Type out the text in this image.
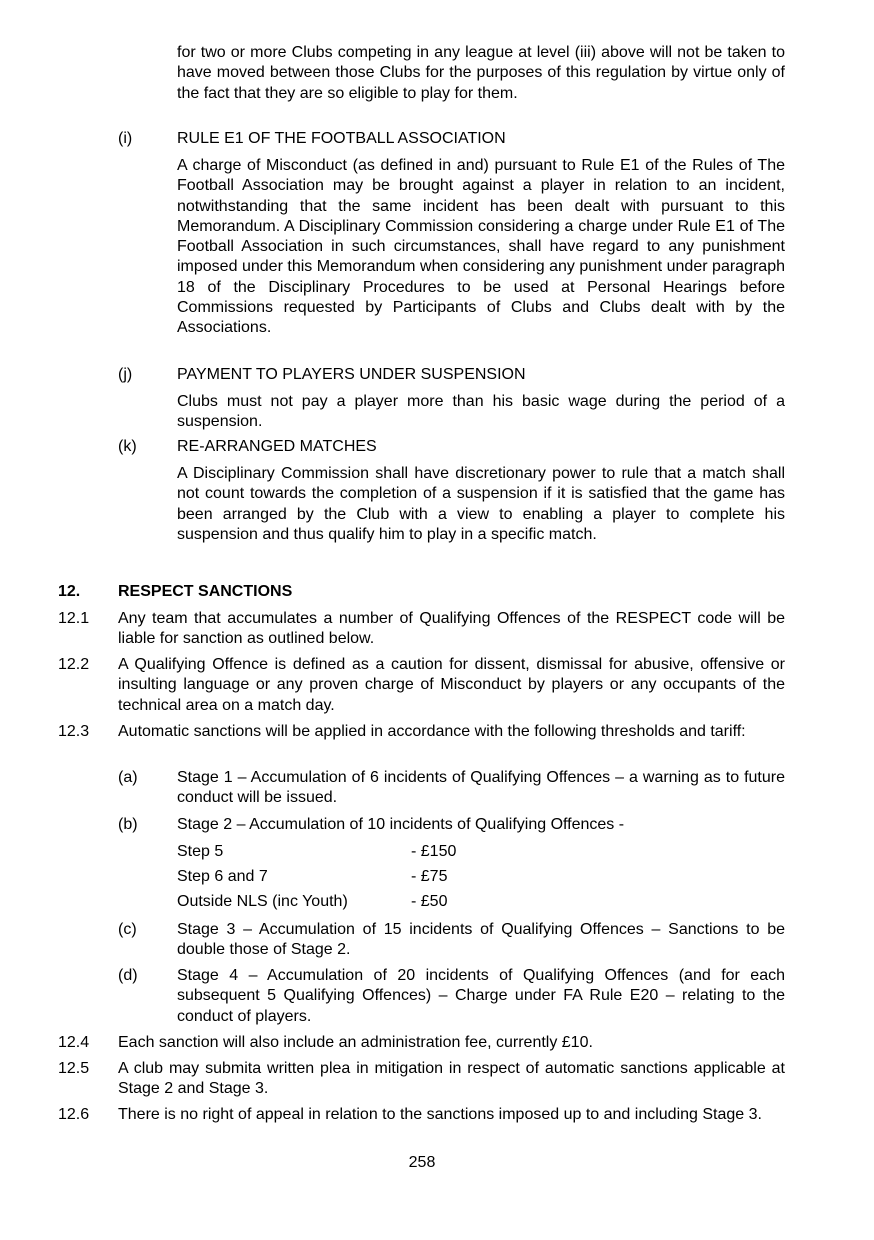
for two or more Clubs competing in any league at level (iii) above will not be taken to have moved between those Clubs for the purposes of this regulation by virtue only of the fact that they are so eligible to play for them.
(i)	RULE E1 OF THE FOOTBALL ASSOCIATION
A charge of Misconduct (as defined in and) pursuant to Rule E1 of the Rules of The Football Association may be brought against a player in relation to an incident, notwithstanding that the same incident has been dealt with pursuant to this Memorandum. A Disciplinary Commission considering a charge under Rule E1 of The Football Association in such circumstances, shall have regard to any punishment imposed under this Memorandum when considering any punishment under paragraph 18 of the Disciplinary Procedures to be used at Personal Hearings before Commissions requested by Participants of Clubs and Clubs dealt with by the Associations.
(j)	PAYMENT TO PLAYERS UNDER SUSPENSION
Clubs must not pay a player more than his basic wage during the period of a suspension.
(k)	RE-ARRANGED MATCHES
A Disciplinary Commission shall have discretionary power to rule that a match shall not count towards the completion of a suspension if it is satisfied that the game has been arranged by the Club with a view to enabling a player to complete his suspension and thus qualify him to play in a specific match.
12. RESPECT SANCTIONS
12.1 Any team that accumulates a number of Qualifying Offences of the RESPECT code will be liable for sanction as outlined below.
12.2 A Qualifying Offence is defined as a caution for dissent, dismissal for abusive, offensive or insulting language or any proven charge of Misconduct by players or any occupants of the technical area on a match day.
12.3 Automatic sanctions will be applied in accordance with the following thresholds and tariff:
(a) Stage 1 – Accumulation of 6 incidents of Qualifying Offences – a warning as to future conduct will be issued.
(b) Stage 2 – Accumulation of 10 incidents of Qualifying Offences -
Step 5	- £150
Step 6 and 7	- £75
Outside NLS (inc Youth)	- £50
(c)	Stage 3 – Accumulation of 15 incidents of Qualifying Offences – Sanctions to be double those of Stage 2.
(d) Stage 4 – Accumulation of 20 incidents of Qualifying Offences (and for each subsequent 5 Qualifying Offences) – Charge under FA Rule E20 – relating to the conduct of players.
12.4 Each sanction will also include an administration fee, currently £10.
12.5 A club may submita written plea in mitigation in respect of automatic sanctions applicable at Stage 2 and Stage 3.
12.6 There is no right of appeal in relation to the sanctions imposed up to and including Stage 3.
258
